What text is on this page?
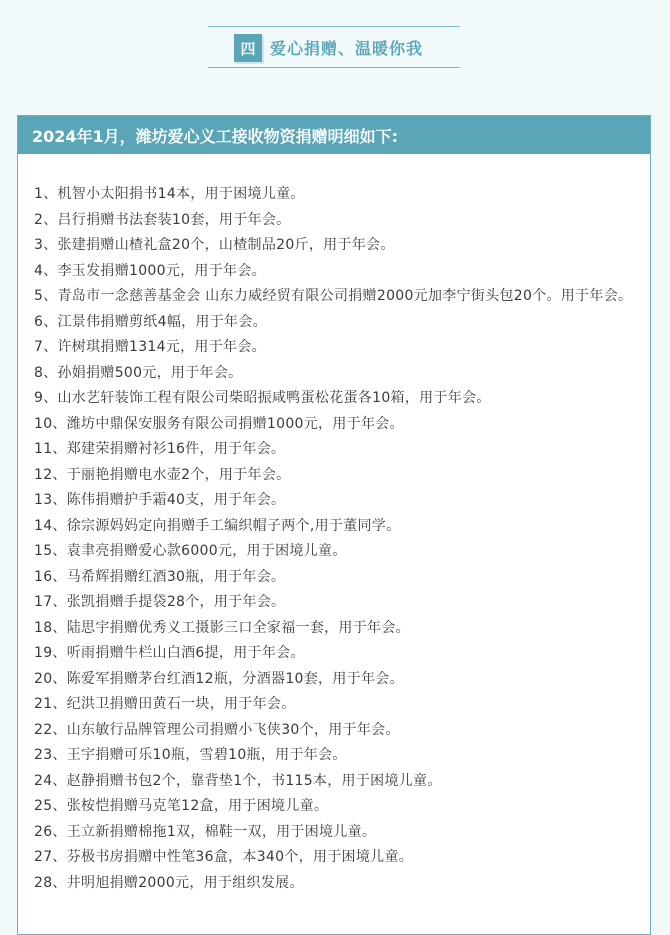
四 爱心捐赠、温暖你我
2024年1月，潍坊爱心义工接收物资捐赠明细如下:

1、机智小太阳捐书14本，用于困境儿童。

2、吕行捐赠书法套装10套，用于年会。

3、张建捐赠山楂礼盒20个，山楂制品20斤，用于年会。

4、李玉发捐赠1000元，用于年会。

5、青岛市一念慈善基金会 山东力威经贸有限公司捐赠2000元加李宁街头包20个。用于年会。

6、江景伟捐赠剪纸4幅，用于年会。

7、许树琪捐赠1314元，用于年会。

8、孙娟捐赠500元，用于年会。

9、山水艺轩装饰工程有限公司柴昭振咸鸭蛋松花蛋各10箱，用于年会。

10、潍坊中鼎保安服务有限公司捐赠1000元，用于年会。

11、郑建荣捐赠衬衫16件，用于年会。

12、于丽艳捐赠电水壶2个，用于年会。

13、陈伟捐赠护手霜40支，用于年会。

14、徐宗源妈妈定向捐赠手工编织帽子两个,用于董同学。

15、袁聿亮捐赠爱心款6000元，用于困境儿童。

16、马希辉捐赠红酒30瓶，用于年会。

17、张凯捐赠手提袋28个，用于年会。

18、陆思宇捐赠优秀义工摄影三口全家福一套，用于年会。

19、听雨捐赠牛栏山白酒6提，用于年会。

20、陈爱军捐赠茅台红酒12瓶，分酒器10套，用于年会。

21、纪洪卫捐赠田黄石一块，用于年会。

22、山东敏行品牌管理公司捐赠小飞侠30个，用于年会。

23、王宇捐赠可乐10瓶，雪碧10瓶，用于年会。

24、赵静捐赠书包2个，靠背垫1个，书115本，用于困境儿童。

25、张桉恺捐赠马克笔12盒，用于困境儿童。

26、王立新捐赠棉拖1双，棉鞋一双，用于困境儿童。

27、芬极书房捐赠中性笔36盒，本340个，用于困境儿童。

28、井明旭捐赠2000元，用于组织发展。
